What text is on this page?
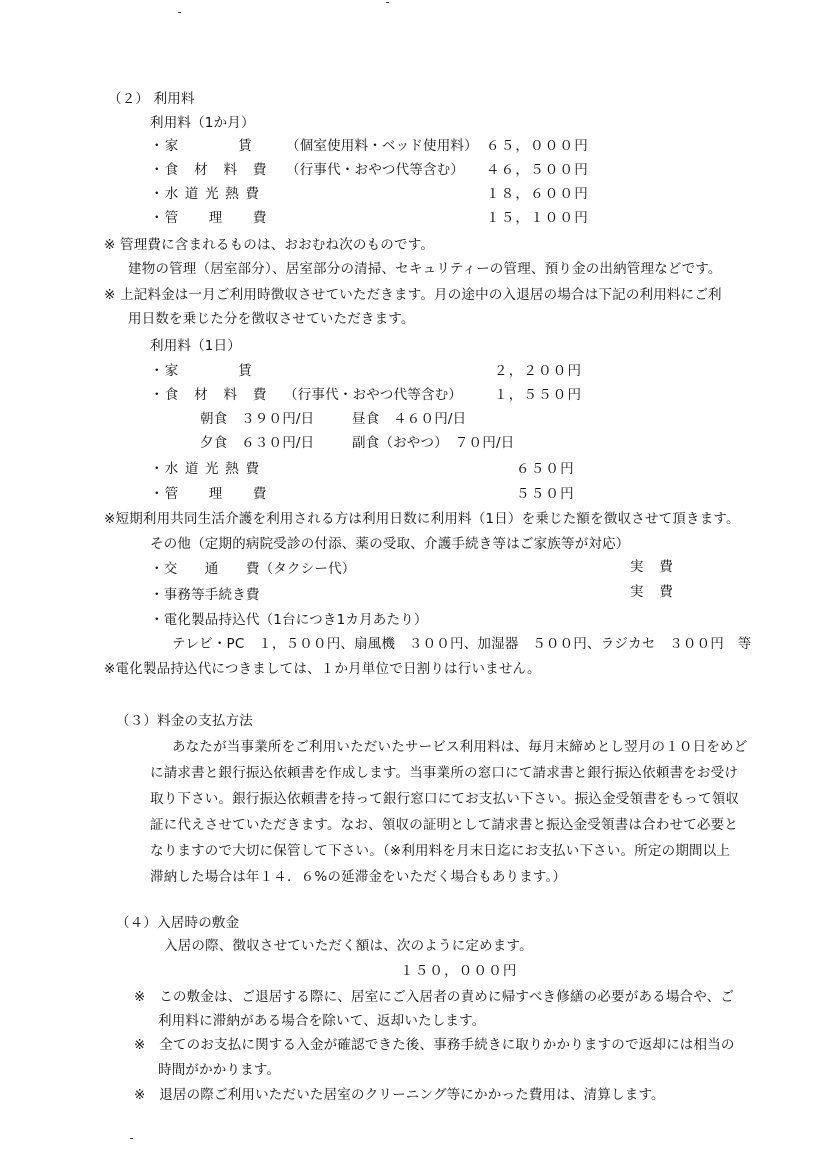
（２） 利用料
利用料（1か月）
・家　　　　賃 （個室使用料・ベッド使用料） ６５，０００円
・食　材　料　費 （行事代・おやつ代等含む） ４６，５００円
・水 道 光 熱 費	１８，６００円
・管　　理　　費	１５，１００円
※ 管理費に含まれるものは、おおむね次のものです。
建物の管理（居室部分）、居室部分の清掃、セキュリティーの管理、預り金の出納管理などです。
※ 上記料金は一月ご利用時徴収させていただきます。月の途中の入退居の場合は下記の利用料にご利
用日数を乗じた分を徴収させていただきます。
利用料（1日）
・家　　　　賃	２，２００円
・食　材　料　費 （行事代・おやつ代等含む） １，５５０円
朝食　３９０円/日	昼食　４６０円/日
夕食　６３０円/日	副食（おやつ）　７０円/日
・水 道 光 熱 費	６５０円
・管　　理　　費	５５０円
※短期利用共同生活介護を利用される方は利用日数に利用料（1日）を乗じた額を徴収させて頂きます。
その他（定期的病院受診の付添、薬の受取、介護手続き等はご家族等が対応）
・交　　通　　費（タクシー代）	実　費
・事務等手続き費	実　費
・電化製品持込代（1台につき1カ月あたり）
テレビ・PC　１，５００円、扇風機　３００円、加湿器　５００円、ラジカセ　３００円　等
※電化製品持込代につきましては、１か月単位で日割りは行いません。
（３）料金の支払方法
あなたが当事業所をご利用いただいたサービス利用料は、毎月末締めとし翌月の１０日をめど
に請求書と銀行振込依頼書を作成します。当事業所の窓口にて請求書と銀行振込依頼書をお受け
取り下さい。銀行振込依頼書を持って銀行窓口にてお支払い下さい。振込金受領書をもって領収
証に代えさせていただきます。なお、領収の証明として請求書と振込金受領書は合わせて必要と
なりますので大切に保管して下さい。（※利用料を月末日迄にお支払い下さい。所定の期間以上
滞納した場合は年１４．６%の延滞金をいただく場合もあります。）
（４）入居時の敷金
入居の際、徴収させていただく額は、次のように定めます。
１５０，０００円
※　この敷金は、ご退居する際に、居室にご入居者の責めに帰すべき修繕の必要がある場合や、ご
利用料に滞納がある場合を除いて、返却いたします。
※　全てのお支払に関する入金が確認できた後、事務手続きに取りかかりますので返却には相当の
時間がかかります。
※　退居の際ご利用いただいた居室のクリーニング等にかかった費用は、清算します。
